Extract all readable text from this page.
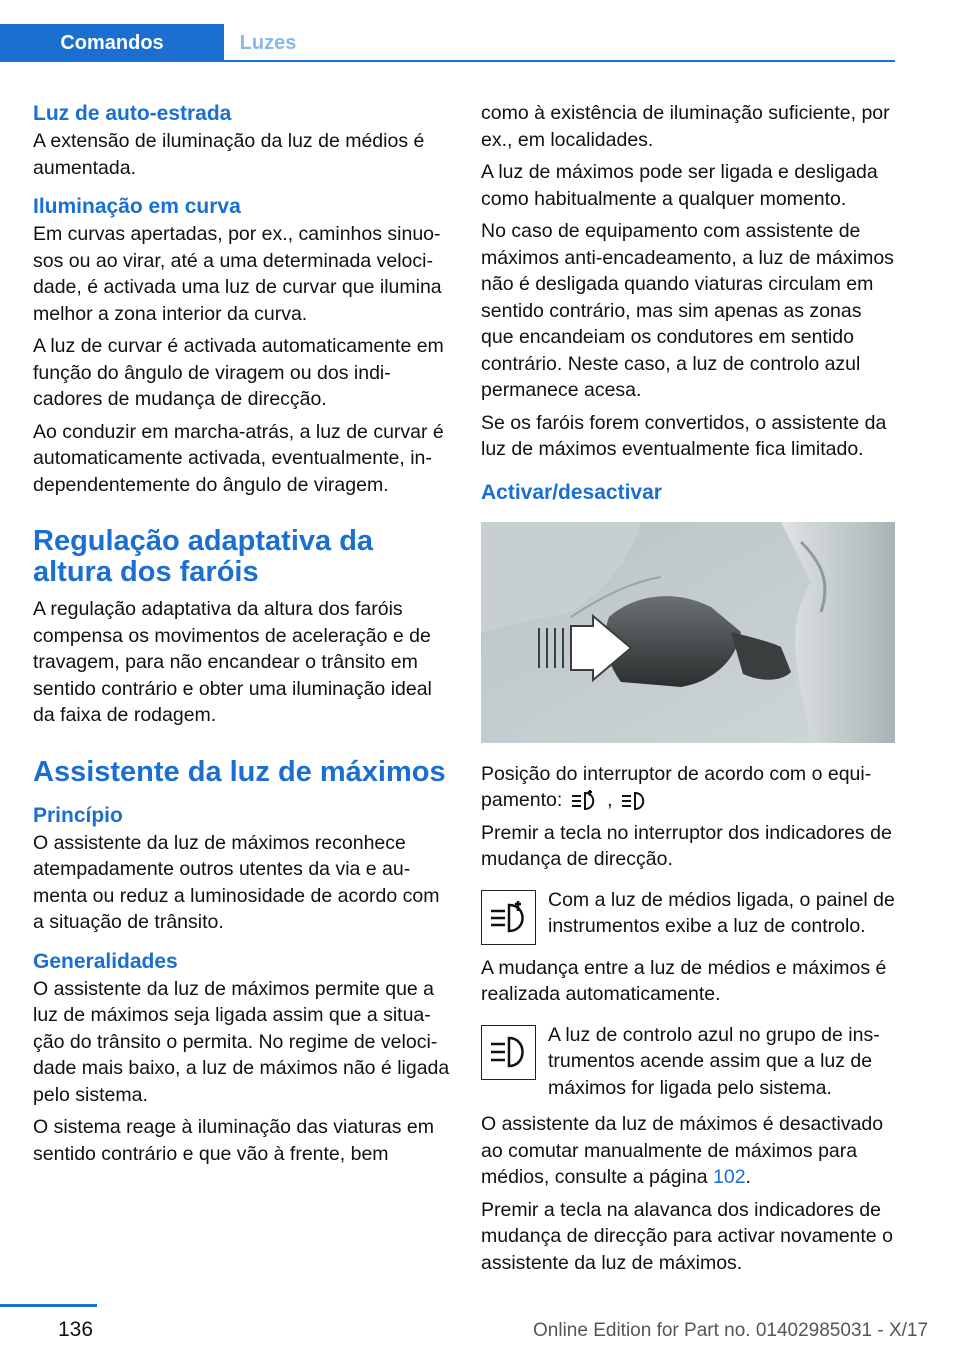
Comandos	Luzes
Luz de auto-estrada

A extensão de iluminação da luz de médios é aumentada.

Iluminação em curva

Em curvas apertadas, por ex., caminhos sinuosos ou ao virar, até a uma determinada velocidade, é activada uma luz de curvar que ilumina melhor a zona interior da curva.

A luz de curvar é activada automaticamente em função do ângulo de viragem ou dos indicadores de mudança de direcção.

Ao conduzir em marcha-atrás, a luz de curvar é automaticamente activada, eventualmente, independentemente do ângulo de viragem.

Regulação adaptativa da altura dos faróis

A regulação adaptativa da altura dos faróis compensa os movimentos de aceleração e de travagem, para não encandear o trânsito em sentido contrário e obter uma iluminação ideal da faixa de rodagem.

Assistente da luz de máximos
Princípio

O assistente da luz de máximos reconhece atempadamente outros utentes da via e aumenta ou reduz a luminosidade de acordo com a situação de trânsito.

Generalidades

O assistente da luz de máximos permite que a luz de máximos seja ligada assim que a situação do trânsito o permita. No regime de velocidade mais baixo, a luz de máximos não é ligada pelo sistema.

O sistema reage à iluminação das viaturas em sentido contrário e que vão à frente, bem

como à existência de iluminação suficiente, por ex., em localidades.

A luz de máximos pode ser ligada e desligada como habitualmente a qualquer momento.

No caso de equipamento com assistente de máximos anti-encadeamento, a luz de máximos não é desligada quando viaturas circulam em sentido contrário, mas sim apenas as zonas que encandeiam os condutores em sentido contrário. Neste caso, a luz de controlo azul permanece acesa.

Se os faróis forem convertidos, o assistente da luz de máximos eventualmente fica limitado.

Activar/desactivar

Posição do interruptor de acordo com o equipamento: ,

Premir a tecla no interruptor dos indicadores de mudança de direcção.

Com a luz de médios ligada, o painel de instrumentos exibe a luz de controlo.

A mudança entre a luz de médios e máximos é realizada automaticamente.

A luz de controlo azul no grupo de instrumentos acende assim que a luz de máximos for ligada pelo sistema.

O assistente da luz de máximos é desactivado ao comutar manualmente de máximos para médios, consulte a página 102.

Premir a tecla na alavanca dos indicadores de mudança de direcção para activar novamente o assistente da luz de máximos.

136	Online Edition for Part no. 01402985031 - X/17
